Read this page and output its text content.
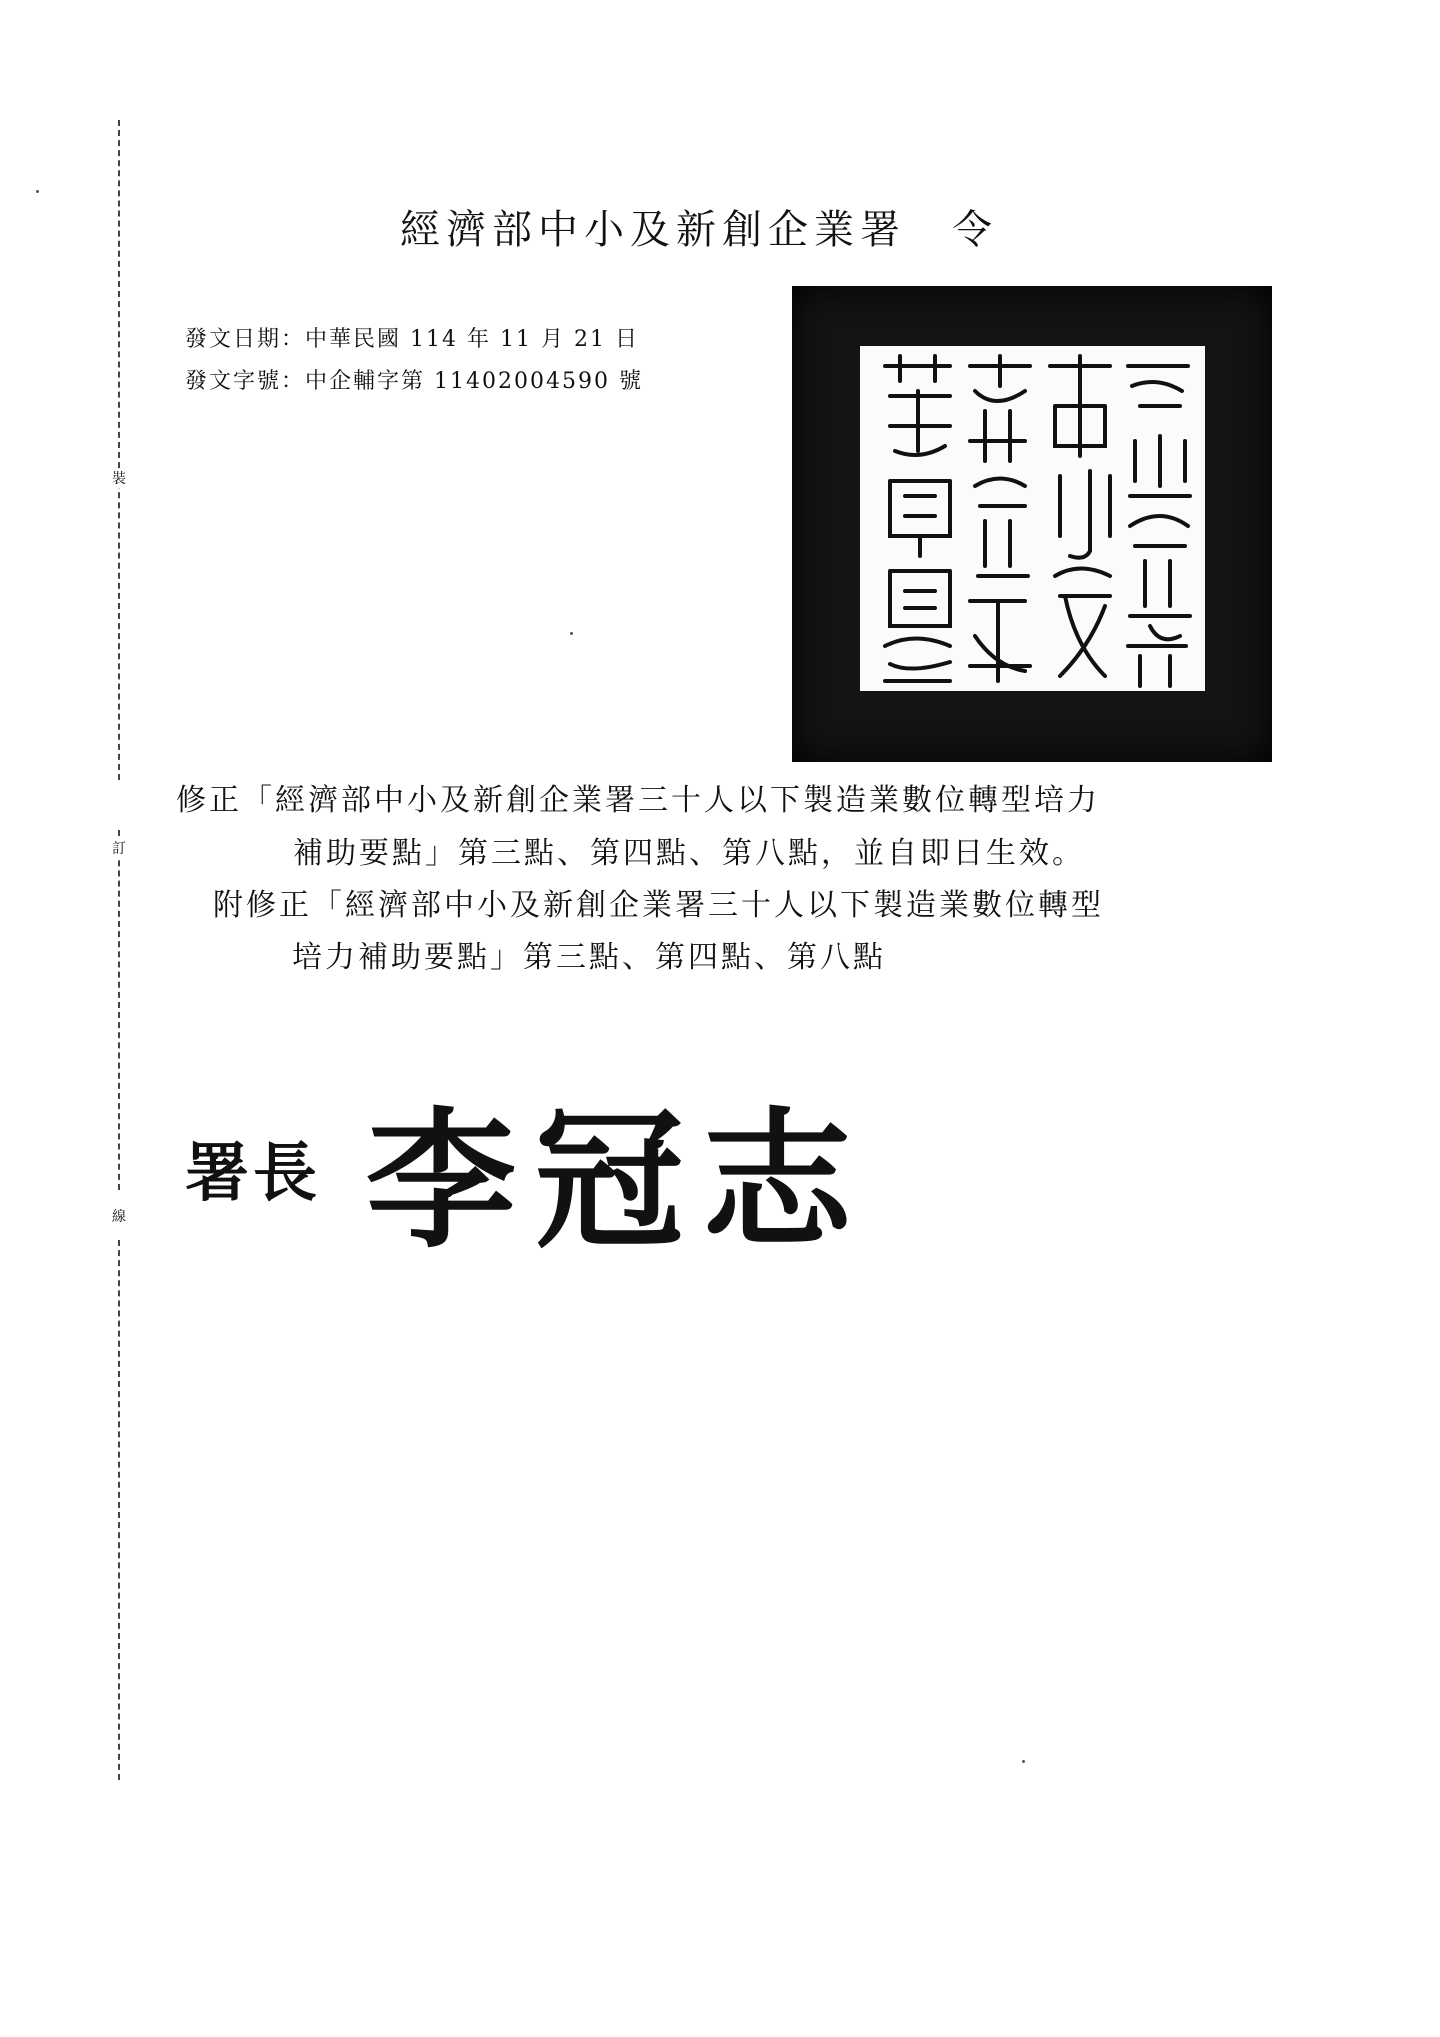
裝
訂
線
經濟部中小及新創企業署　令
發文日期：中華民國 114 年 11 月 21 日
發文字號：中企輔字第 11402004590 號
修正「經濟部中小及新創企業署三十人以下製造業數位轉型培力
補助要點」第三點、第四點、第八點，並自即日生效。
附修正「經濟部中小及新創企業署三十人以下製造業數位轉型
培力補助要點」第三點、第四點、第八點
署長 李冠志
